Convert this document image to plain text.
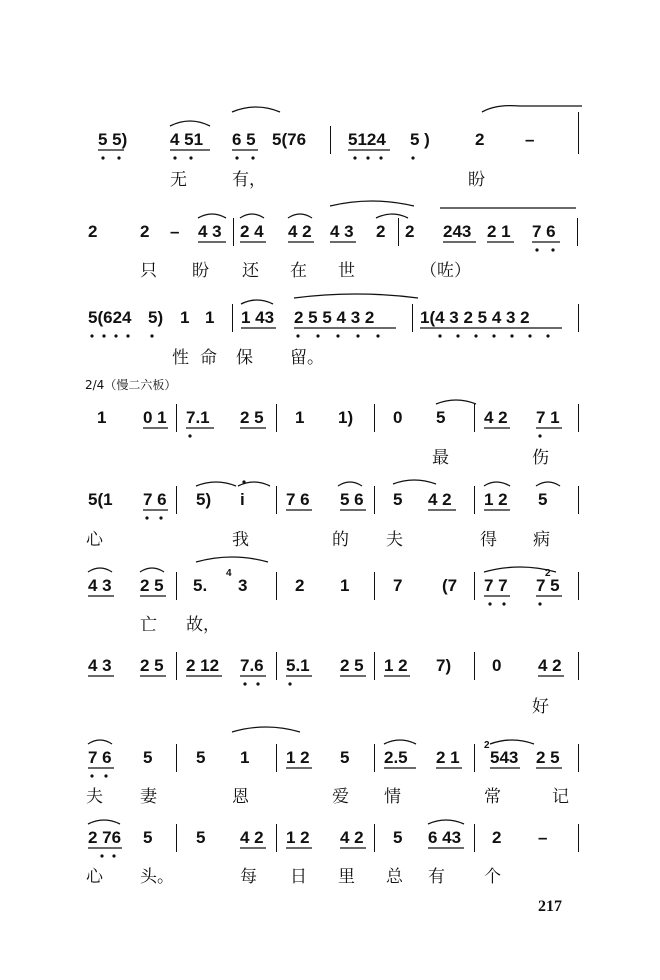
217
2/4（慢二六板）
5 5)	4 51 6 5 5(76 5124 5 )	2 –
无	有，	盼
2	2 – 4 3 2 4 4 2 4 3 2 2 243 2 1 7 6
只 盼 还 在 世	（咗）
5(624 5) 1 1 1 43 2 5 5 4 3 2	1(4 3 2 5 4 3 2
性 命 保 留。
1 0 1 7.1 2 5 1 1) 0 5 4 2 7 1
最	伤
5(1 7 6 5) i 7 6 5 6 5 4 2 1 2 5
心	我	的 夫	得 病
4 3 2 5 5. 3
4
2 1	7 (7 7 7 7 5
2
亡 故，
4 3 2 5 2 12 7.6 5.1 2 5 1 2 7) 0 4 2
好
7 6 5	5 1 1 2 5 2.5 2 1
2
543 2 5
夫 妻	恩	爱 情	常	记
2 76 5	5 4 2 1 2 4 2 5 6 43 2 –
心 头。	每 日 里 总 有 个
